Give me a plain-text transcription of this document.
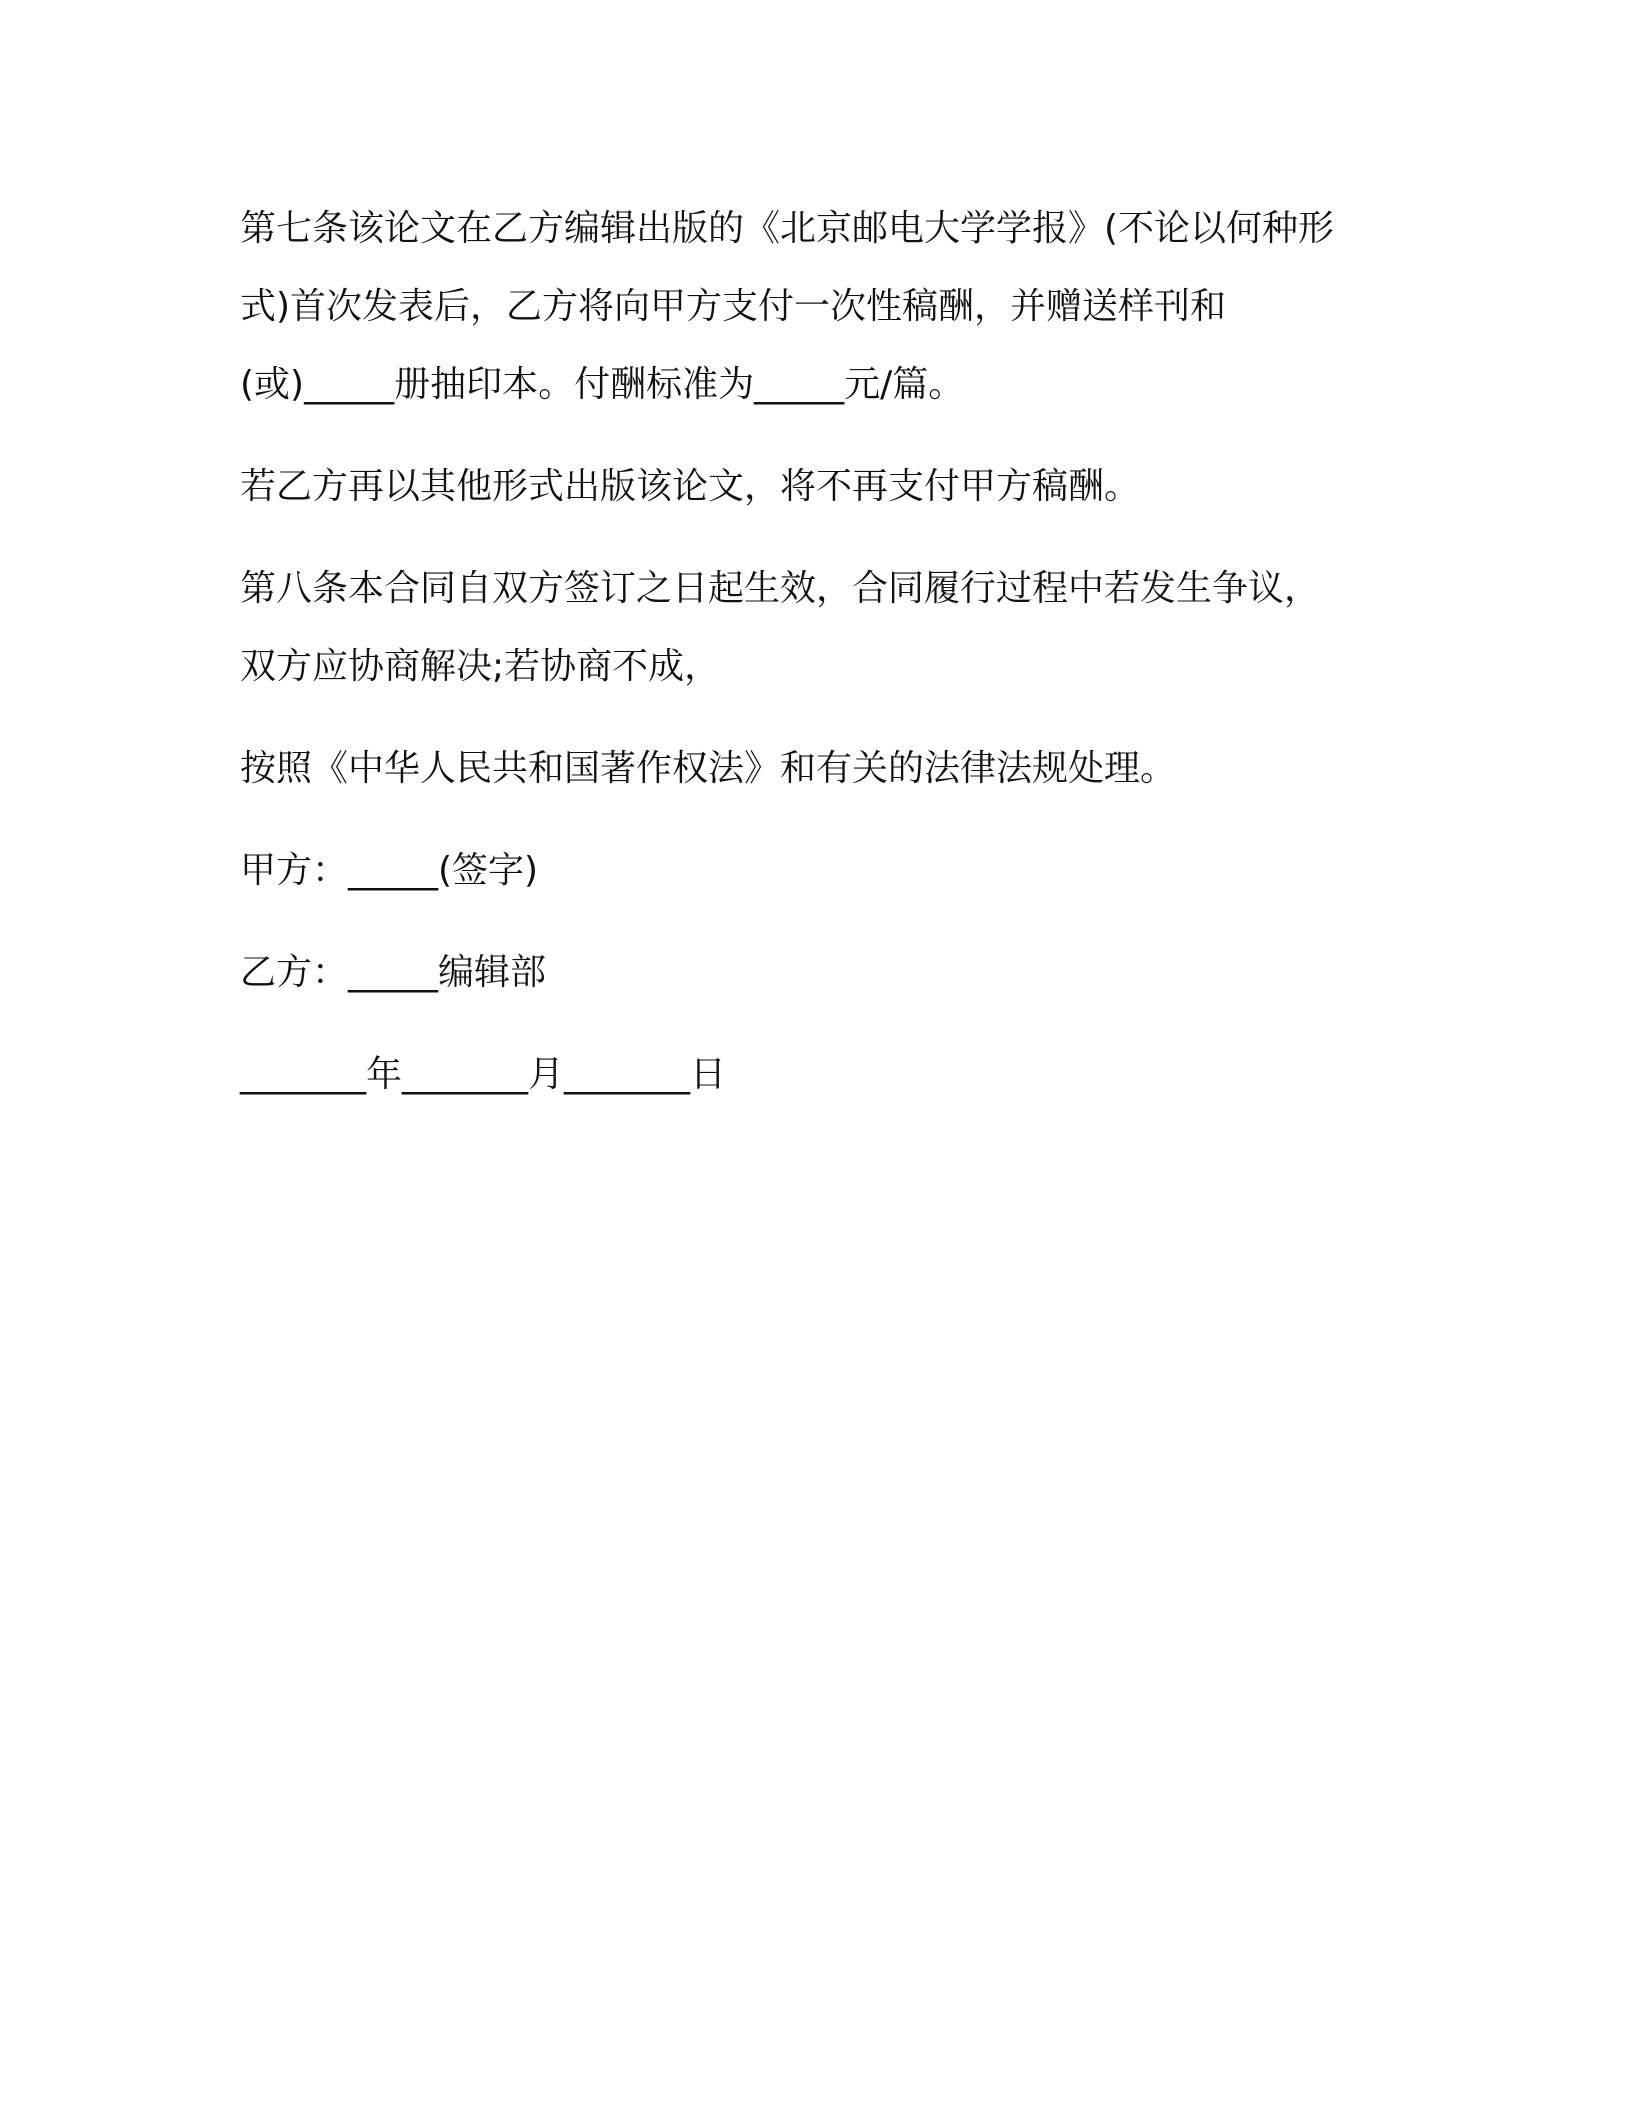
第七条该论文在乙方编辑出版的《北京邮电大学学报》(不论以何种形
式)首次发表后，乙方将向甲方支付一次性稿酬，并赠送样刊和
(或)_____册抽印本。付酬标准为_____元/篇。

若乙方再以其他形式出版该论文，将不再支付甲方稿酬。

第八条本合同自双方签订之日起生效，合同履行过程中若发生争议，
双方应协商解决;若协商不成，

按照《中华人民共和国著作权法》和有关的法律法规处理。

甲方：_____(签字)

乙方：_____编辑部

_______年_______月_______日
